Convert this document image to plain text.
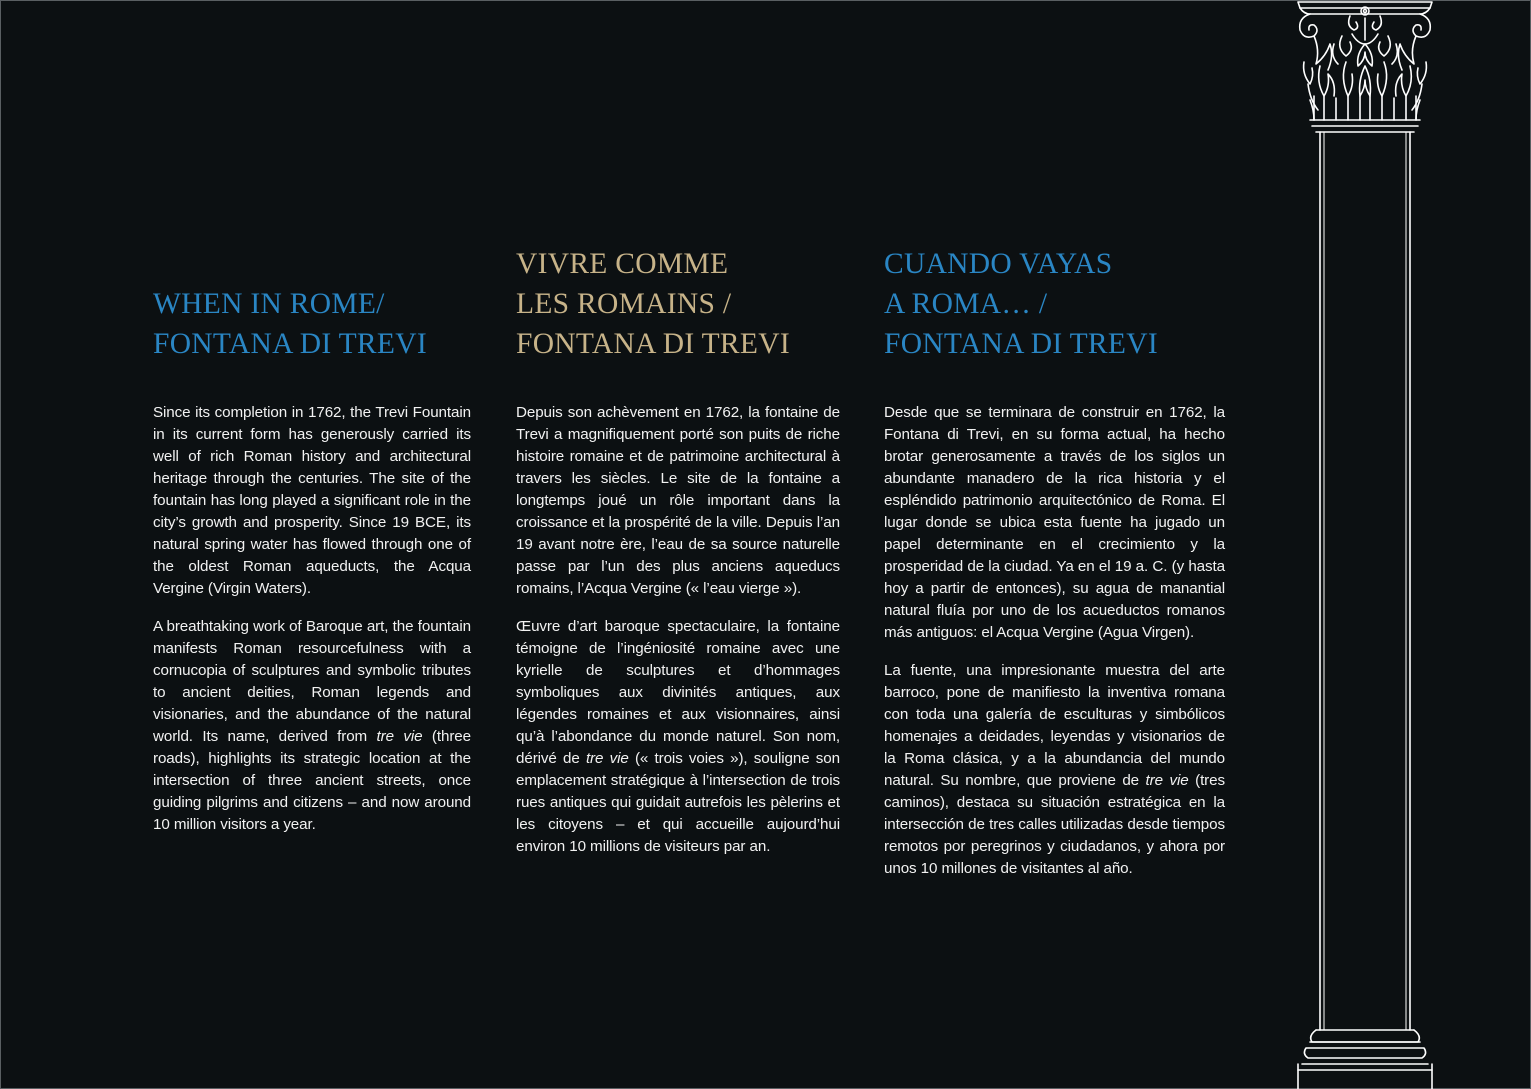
WHEN IN ROME/
FONTANA DI TREVI

Since its completion in 1762, the Trevi Fountain in its current form has generously carried its well of rich Roman history and architectural heritage through the centuries. The site of the fountain has long played a significant role in the city’s growth and prosperity. Since 19 BCE, its natural spring water has flowed through one of the oldest Roman aqueducts, the Acqua Vergine (Virgin Waters).

A breathtaking work of Baroque art, the fountain manifests Roman resourcefulness with a cornucopia of sculptures and symbolic tributes to ancient deities, Roman legends and visionaries, and the abundance of the natural world. Its name, derived from tre vie (three roads), highlights its strategic location at the intersection of three ancient streets, once guiding pilgrims and citizens – and now around 10 million visitors a year.

VIVRE COMME
LES ROMAINS /
FONTANA DI TREVI

Depuis son achèvement en 1762, la fontaine de Trevi a magnifiquement porté son puits de riche histoire romaine et de patrimoine architectural à travers les siècles. Le site de la fontaine a longtemps joué un rôle important dans la croissance et la prospérité de la ville. Depuis l’an 19 avant notre ère, l’eau de sa source naturelle passe par l’un des plus anciens aqueducs romains, l’Acqua Vergine (« l’eau vierge »).

Œuvre d’art baroque spectaculaire, la fontaine témoigne de l’ingéniosité romaine avec une kyrielle de sculptures et d’hommages symboliques aux divinités antiques, aux légendes romaines et aux visionnaires, ainsi qu’à l’abondance du monde naturel. Son nom, dérivé de tre vie (« trois voies »), souligne son emplacement stratégique à l’intersection de trois rues antiques qui guidait autrefois les pèlerins et les citoyens – et qui accueille aujourd’hui environ 10 millions de visiteurs par an.

CUANDO VAYAS
A ROMA… /
FONTANA DI TREVI

Desde que se terminara de construir en 1762, la Fontana di Trevi, en su forma actual, ha hecho brotar generosamente a través de los siglos un abundante manadero de la rica historia y el espléndido patrimonio arquitectónico de Roma. El lugar donde se ubica esta fuente ha jugado un papel determinante en el crecimiento y la prosperidad de la ciudad. Ya en el 19 a. C. (y hasta hoy a partir de entonces), su agua de manantial natural fluía por uno de los acueductos romanos más antiguos: el Acqua Vergine (Agua Virgen).

La fuente, una impresionante muestra del arte barroco, pone de manifiesto la inventiva romana con toda una galería de esculturas y simbólicos homenajes a deidades, leyendas y visionarios de la Roma clásica, y a la abundancia del mundo natural. Su nombre, que proviene de tre vie (tres caminos), destaca su situación estratégica en la intersección de tres calles utilizadas desde tiempos remotos por peregrinos y ciudadanos, y ahora por unos 10 millones de visitantes al año.
